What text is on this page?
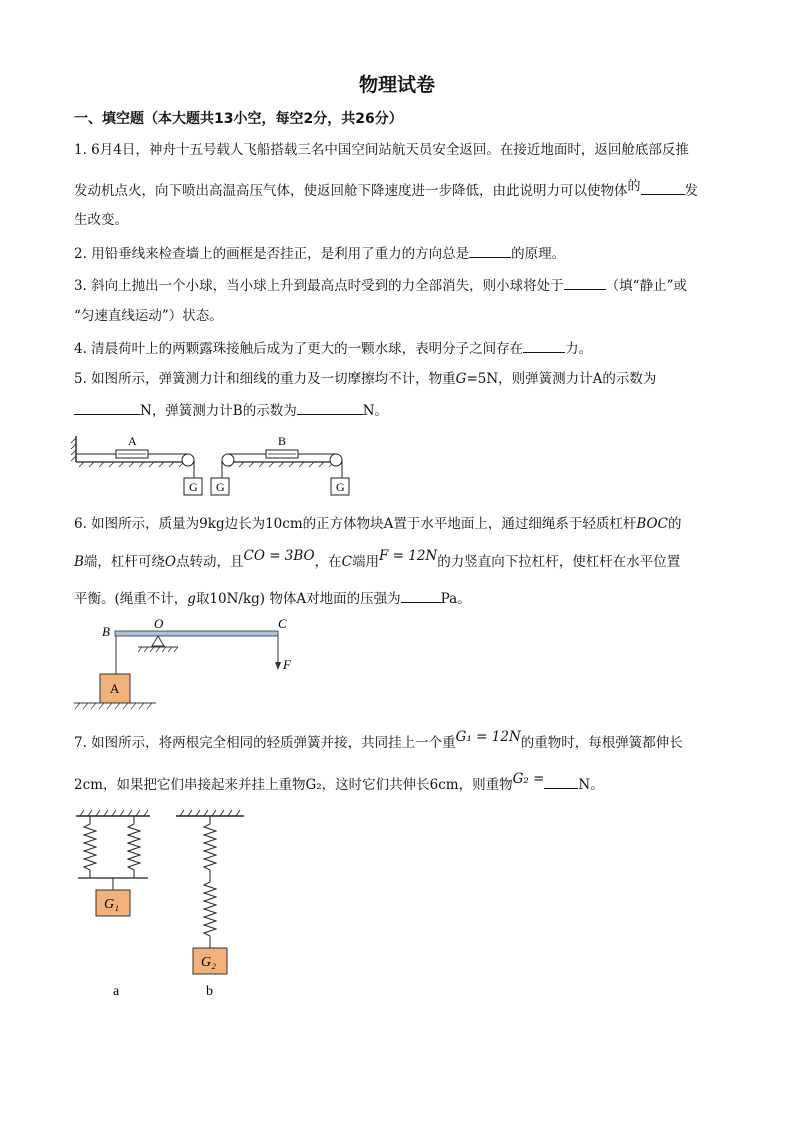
物理试卷
一、填空题（本大题共13小空，每空2分，共26分）
1. 6月4日，神舟十五号载人飞船搭载三名中国空间站航天员安全返回。在接近地面时，返回舱底部反推
发动机点火，向下喷出高温高压气体，使返回舱下降速度进一步降低，由此说明力可以使物体的	发
生改变。
2. 用铅垂线来检查墙上的画框是否挂正，是利用了重力的方向总是	的原理。
3. 斜向上抛出一个小球，当小球上升到最高点时受到的力全部消失，则小球将处于	（填“静止”或
“匀速直线运动”）状态。
4. 清晨荷叶上的两颗露珠接触后成为了更大的一颗水球，表明分子之间存在	力。
5. 如图所示，弹簧测力计和细线的重力及一切摩擦均不计，物重G=5N，则弹簧测力计A的示数为
N，弹簧测力计B的示数为	N。
A
G
B
G	G
6. 如图所示，质量为9kg边长为10cm的正方体物块A置于水平地面上，通过细绳系于轻质杠杆BOC的
B端，杠杆可绕O点转动，且CO = 3BO，在C端用F = 12N的力竖直向下拉杠杆，使杠杆在水平位置
平衡。(绳重不计，g取10N/kg) 物体A对地面的压强为	Pa。
B
O	C
A
F
7. 如图所示，将两根完全相同的轻质弹簧并接，共同挂上一个重G₁ = 12N的重物时，每根弹簧都伸长
2cm，如果把它们串接起来并挂上重物G₂，这时它们共伸长6cm，则重物G₂ =	N。
G₁
a
G₂
b
